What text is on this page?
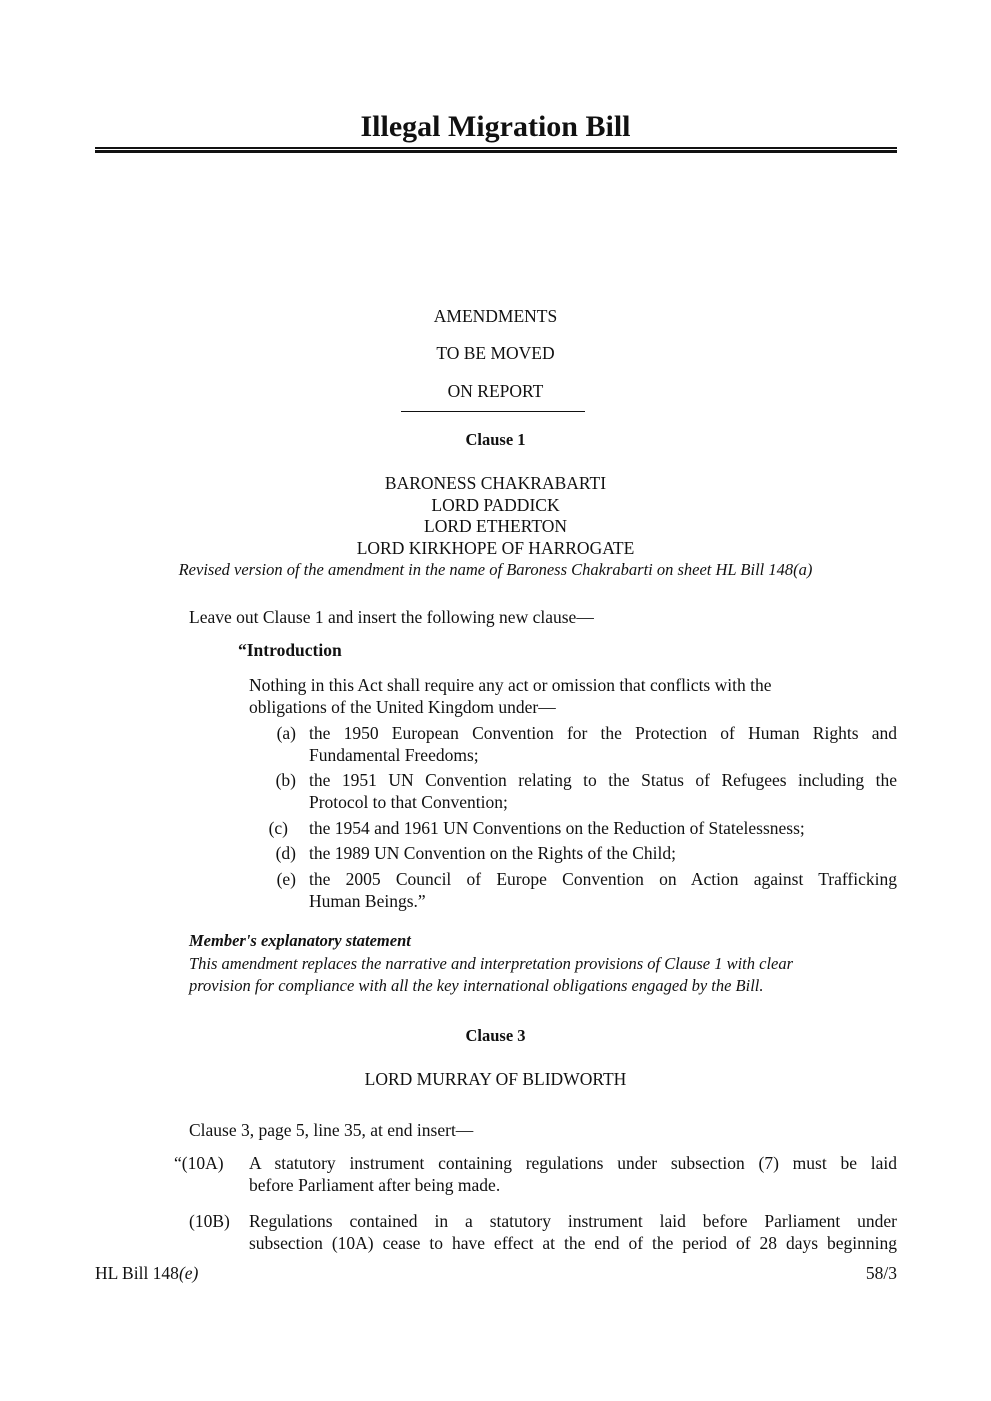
Illegal Migration Bill
AMENDMENTS
TO BE MOVED
ON REPORT
Clause 1
BARONESS CHAKRABARTI
LORD PADDICK
LORD ETHERTON
LORD KIRKHOPE OF HARROGATE
Revised version of the amendment in the name of Baroness Chakrabarti on sheet HL Bill 148(a)
Leave out Clause 1 and insert the following new clause—
“Introduction
Nothing in this Act shall require any act or omission that conflicts with the
obligations of the United Kingdom under—
(a) the 1950 European Convention for the Protection of Human Rights and
Fundamental Freedoms;
(b) the 1951 UN Convention relating to the Status of Refugees including the
Protocol to that Convention;
(c) the 1954 and 1961 UN Conventions on the Reduction of Statelessness;
(d) the 1989 UN Convention on the Rights of the Child;
(e) the 2005 Council of Europe Convention on Action against Trafficking
Human Beings.”
Member's explanatory statement
This amendment replaces the narrative and interpretation provisions of Clause 1 with clear
provision for compliance with all the key international obligations engaged by the Bill.
Clause 3
LORD MURRAY OF BLIDWORTH
Clause 3, page 5, line 35, at end insert—
“(10A) A statutory instrument containing regulations under subsection (7) must be laid
before Parliament after being made.
(10B) Regulations contained in a statutory instrument laid before Parliament under
subsection (10A) cease to have effect at the end of the period of 28 days beginning
HL Bill 148(e)	58/3
